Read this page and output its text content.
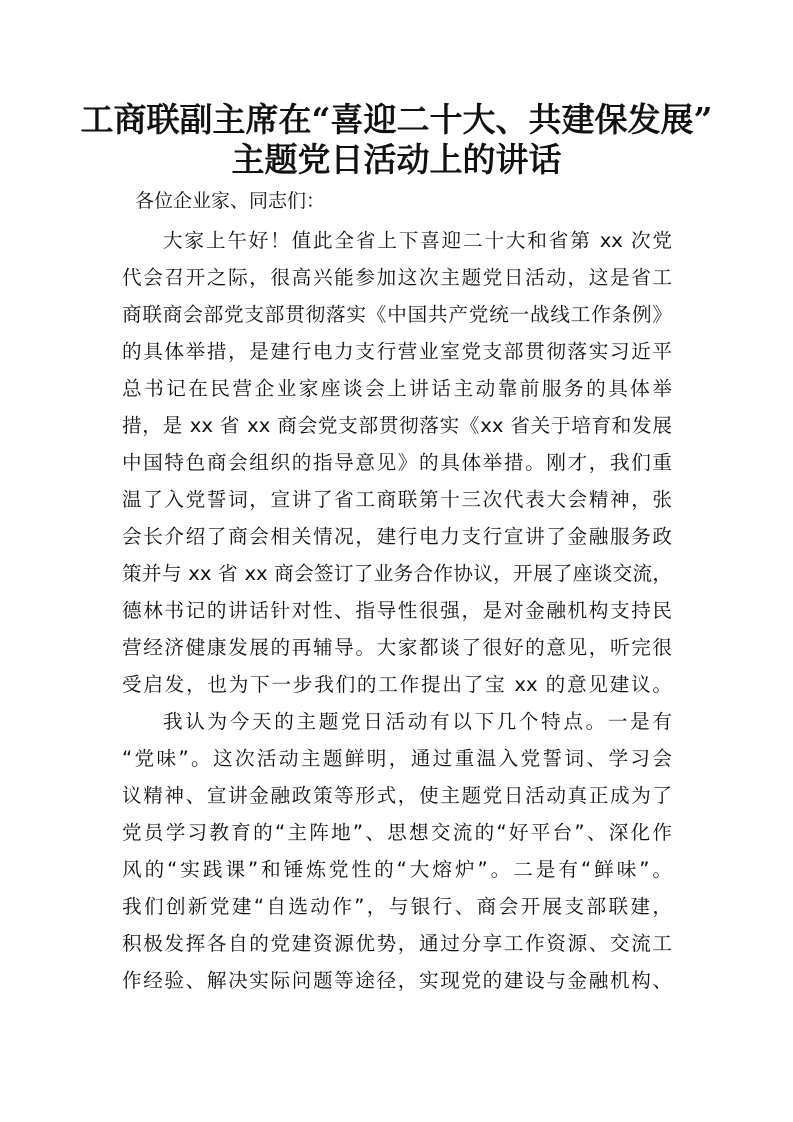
工商联副主席在“喜迎二十大、共建保发展”
主题党日活动上的讲话
各位企业家、同志们：
大家上午好！值此全省上下喜迎二十大和省第 xx 次党
代会召开之际，很高兴能参加这次主题党日活动，这是省工
商联商会部党支部贯彻落实《中国共产党统一战线工作条例》
的具体举措，是建行电力支行营业室党支部贯彻落实习近平
总书记在民营企业家座谈会上讲话主动靠前服务的具体举
措，是 xx 省 xx 商会党支部贯彻落实《xx 省关于培育和发展
中国特色商会组织的指导意见》的具体举措。刚才，我们重
温了入党誓词，宣讲了省工商联第十三次代表大会精神，张
会长介绍了商会相关情况，建行电力支行宣讲了金融服务政
策并与 xx 省 xx 商会签订了业务合作协议，开展了座谈交流，
德林书记的讲话针对性、指导性很强，是对金融机构支持民
营经济健康发展的再辅导。大家都谈了很好的意见，听完很
受启发，也为下一步我们的工作提出了宝 xx 的意见建议。
我认为今天的主题党日活动有以下几个特点。一是有
“党味”。这次活动主题鲜明，通过重温入党誓词、学习会
议精神、宣讲金融政策等形式，使主题党日活动真正成为了
党员学习教育的“主阵地”、思想交流的“好平台”、深化作
风的“实践课”和锤炼党性的“大熔炉”。二是有“鲜味”。
我们创新党建“自选动作”，与银行、商会开展支部联建，
积极发挥各自的党建资源优势，通过分享工作资源、交流工
作经验、解决实际问题等途径，实现党的建设与金融机构、
